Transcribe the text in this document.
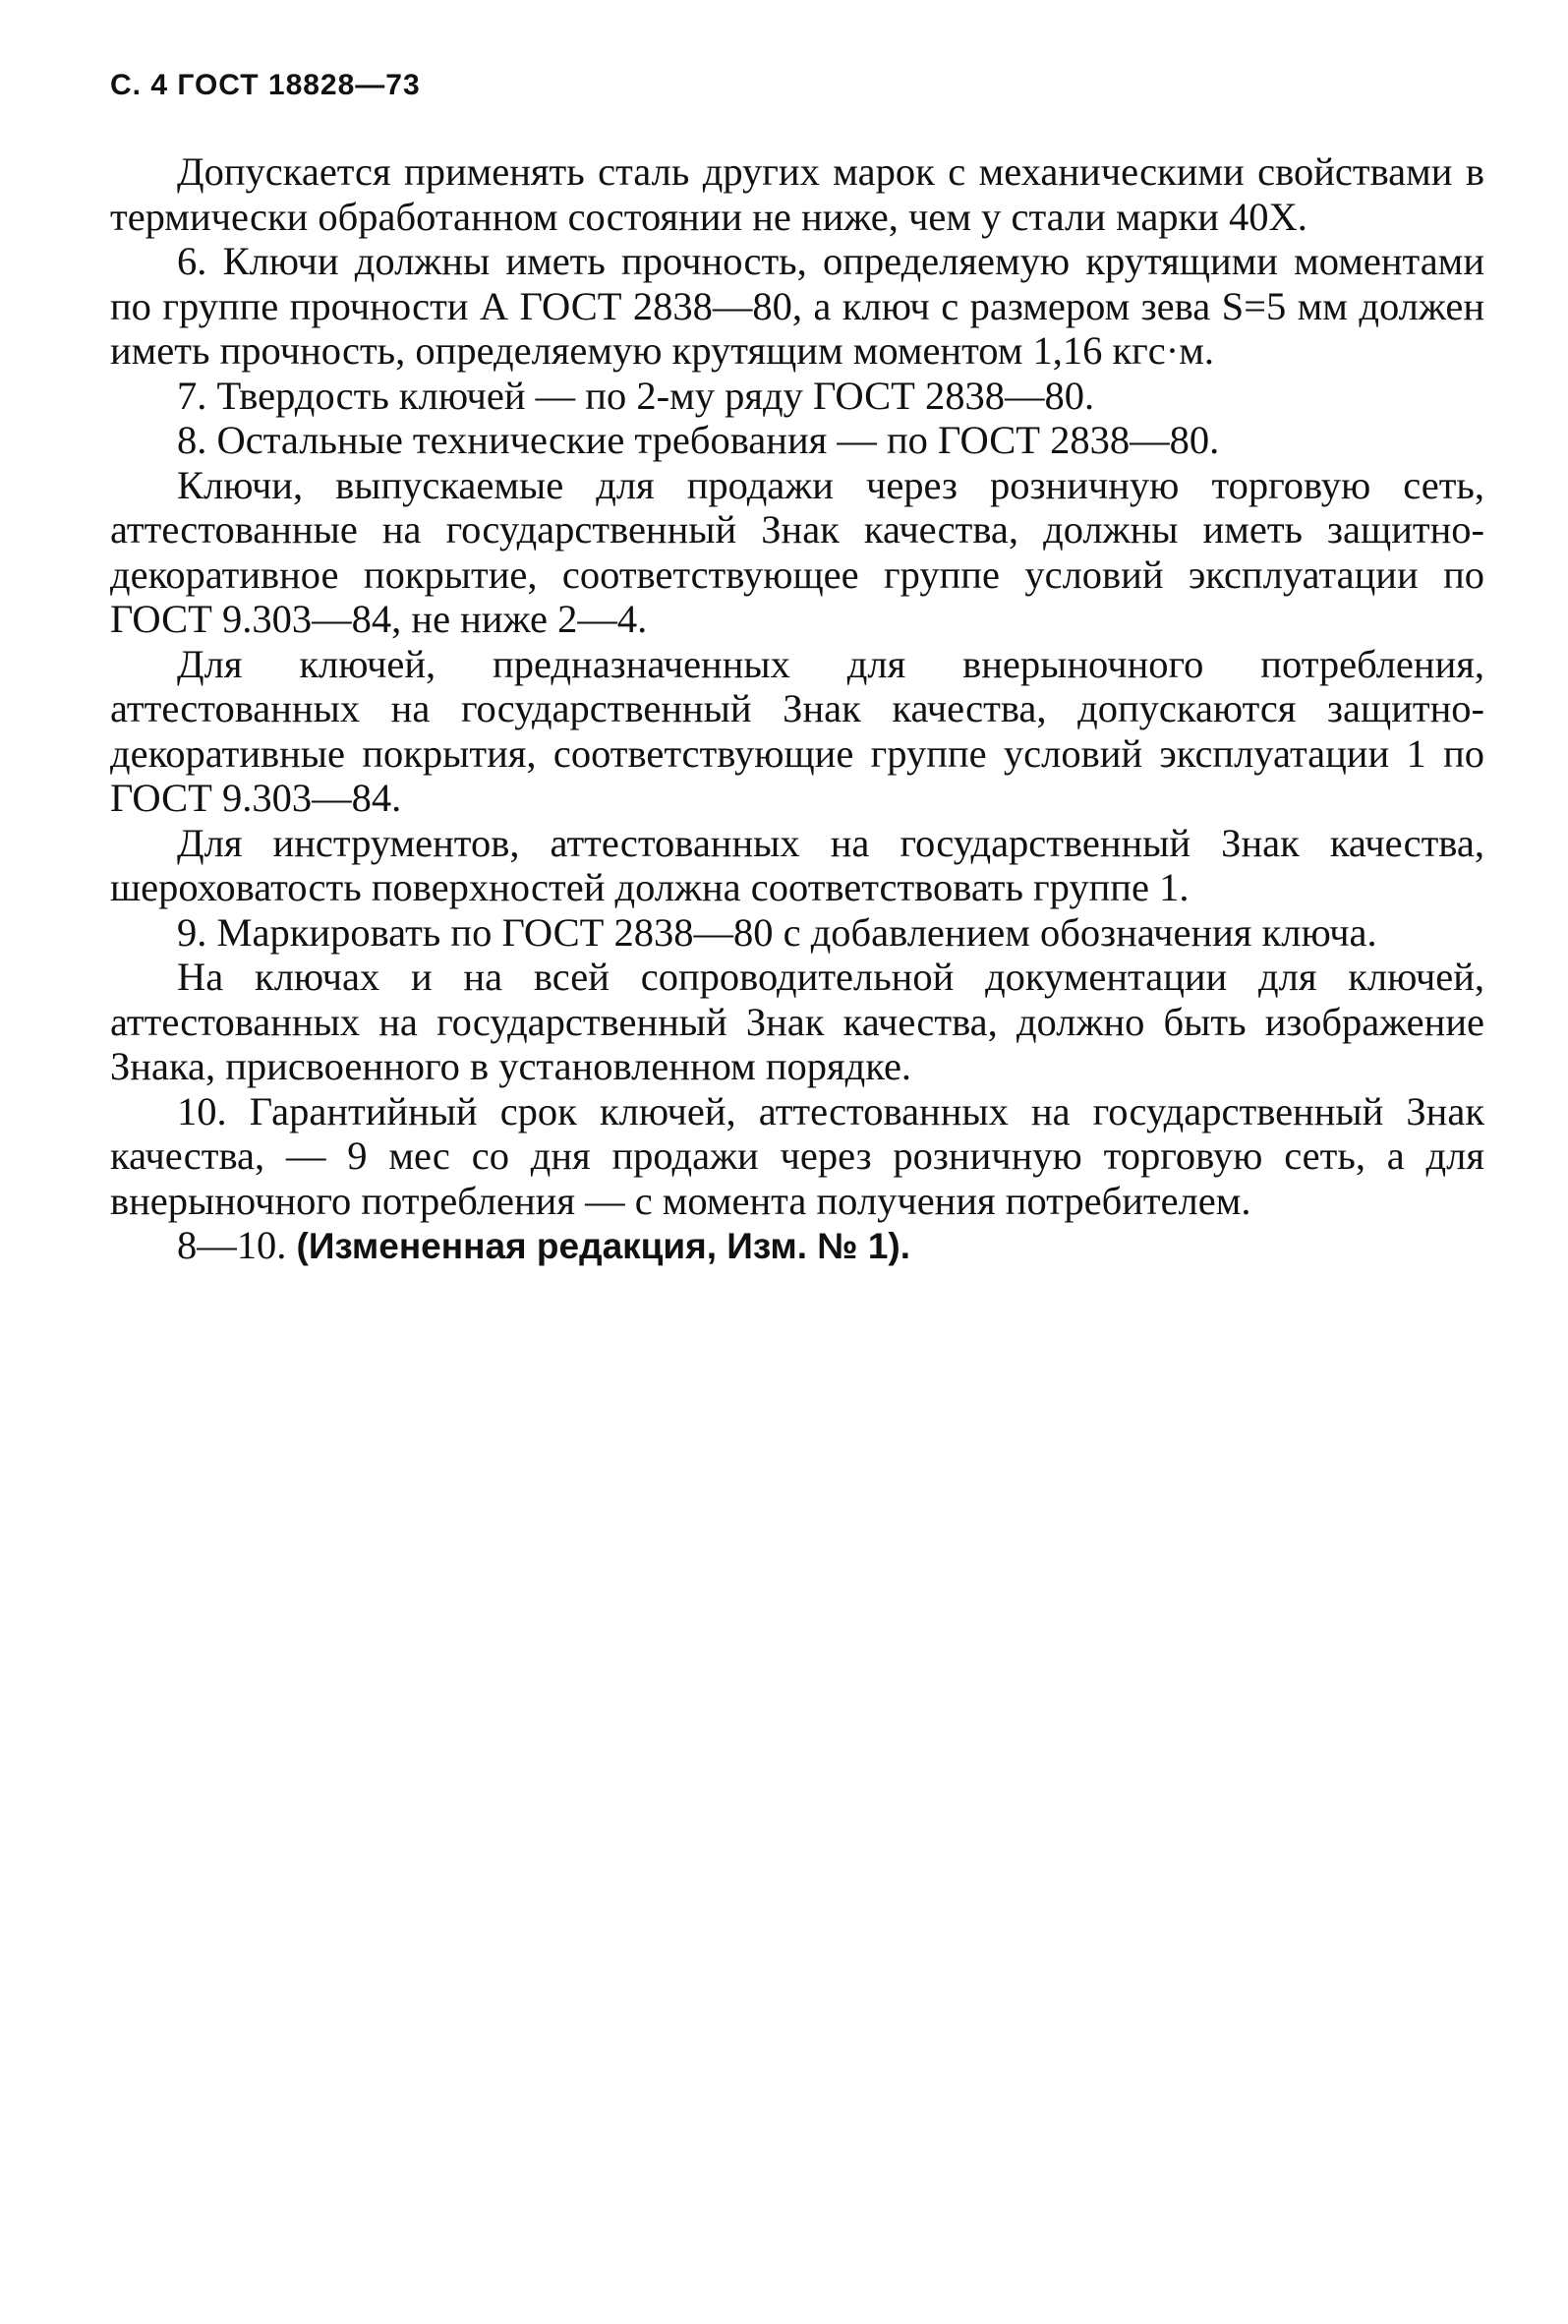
С. 4 ГОСТ 18828—73

Допускается применять сталь других марок с механическими свойствами в термически обработанном состоянии не ниже, чем у стали марки 40Х.

6. Ключи должны иметь прочность, определяемую крутящими моментами по группе прочности А ГОСТ 2838—80, а ключ с размером зева S=5 мм должен иметь прочность, определяемую крутящим моментом 1,16 кгс·м.

7. Твердость ключей — по 2-му ряду ГОСТ 2838—80.

8. Остальные технические требования — по ГОСТ 2838—80.

Ключи, выпускаемые для продажи через розничную торговую сеть, аттестованные на государственный Знак качества, должны иметь защитно-декоративное покрытие, соответствующее группе условий эксплуатации по ГОСТ 9.303—84, не ниже 2—4.

Для ключей, предназначенных для внерыночного потребления, аттестованных на государственный Знак качества, допускаются защитно-декоративные покрытия, соответствующие группе условий эксплуатации 1 по ГОСТ 9.303—84.

Для инструментов, аттестованных на государственный Знак качества, шероховатость поверхностей должна соответствовать группе 1.

9. Маркировать по ГОСТ 2838—80 с добавлением обозначения ключа.

На ключах и на всей сопроводительной документации для ключей, аттестованных на государственный Знак качества, должно быть изображение Знака, присвоенного в установленном порядке.

10. Гарантийный срок ключей, аттестованных на государственный Знак качества, — 9 мес со дня продажи через розничную торговую сеть, а для внерыночного потребления — с момента получения потребителем.

8—10. (Измененная редакция, Изм. № 1).
